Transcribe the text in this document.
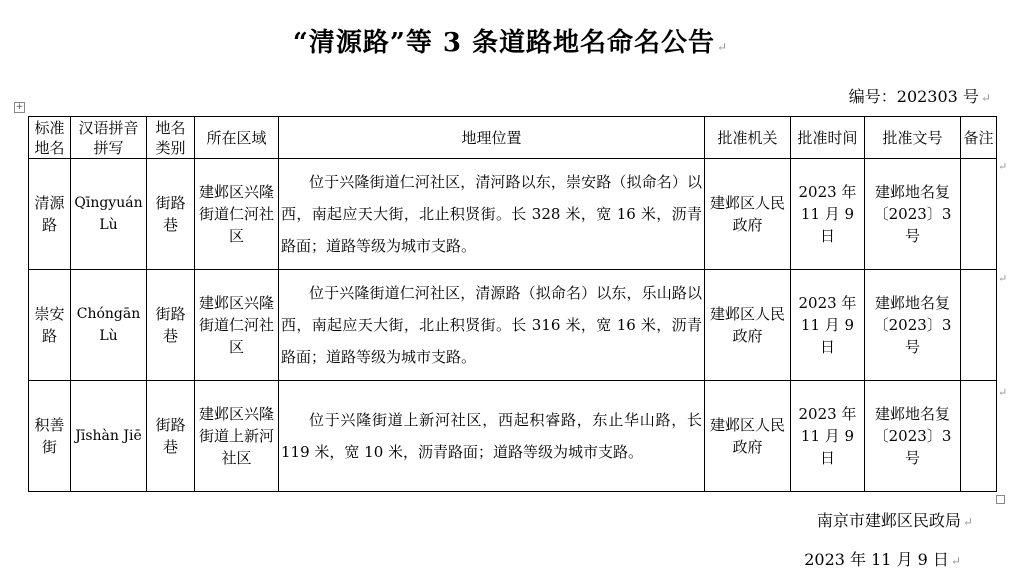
“清源路”等 3 条道路地名命名公告 ↵
编号：202303 号 ↵
+
标准地名	汉语拼音拼写	地名类别	所在区域	地理位置	批准机关	批准时间	批准文号	备注
清源路	Qīngyuán Lù	街路巷	建邺区兴隆街道仁河社区	位于兴隆街道仁河社区，清河路以东，崇安路（拟命名）以西，南起应天大街，北止积贤街。长 328 米，宽 16 米，沥青路面；道路等级为城市支路。	建邺区人民政府	2023 年 11 月 9 日	建邺地名复〔2023〕3 号	
崇安路	Chóngān Lù	街路巷	建邺区兴隆街道仁河社区	位于兴隆街道仁河社区，清源路（拟命名）以东，乐山路以西，南起应天大街，北止积贤街。长 316 米，宽 16 米，沥青路面；道路等级为城市支路。	建邺区人民政府	2023 年 11 月 9 日	建邺地名复〔2023〕3 号	
积善街	Jīshàn Jiē	街路巷	建邺区兴隆街道上新河社区	位于兴隆街道上新河社区，西起积睿路，东止华山路，长 119 米，宽 10 米，沥青路面；道路等级为城市支路。	建邺区人民政府	2023 年 11 月 9 日	建邺地名复〔2023〕3 号	
↵
↵
↵
南京市建邺区民政局 ↵
2023 年 11 月 9 日 ↵
